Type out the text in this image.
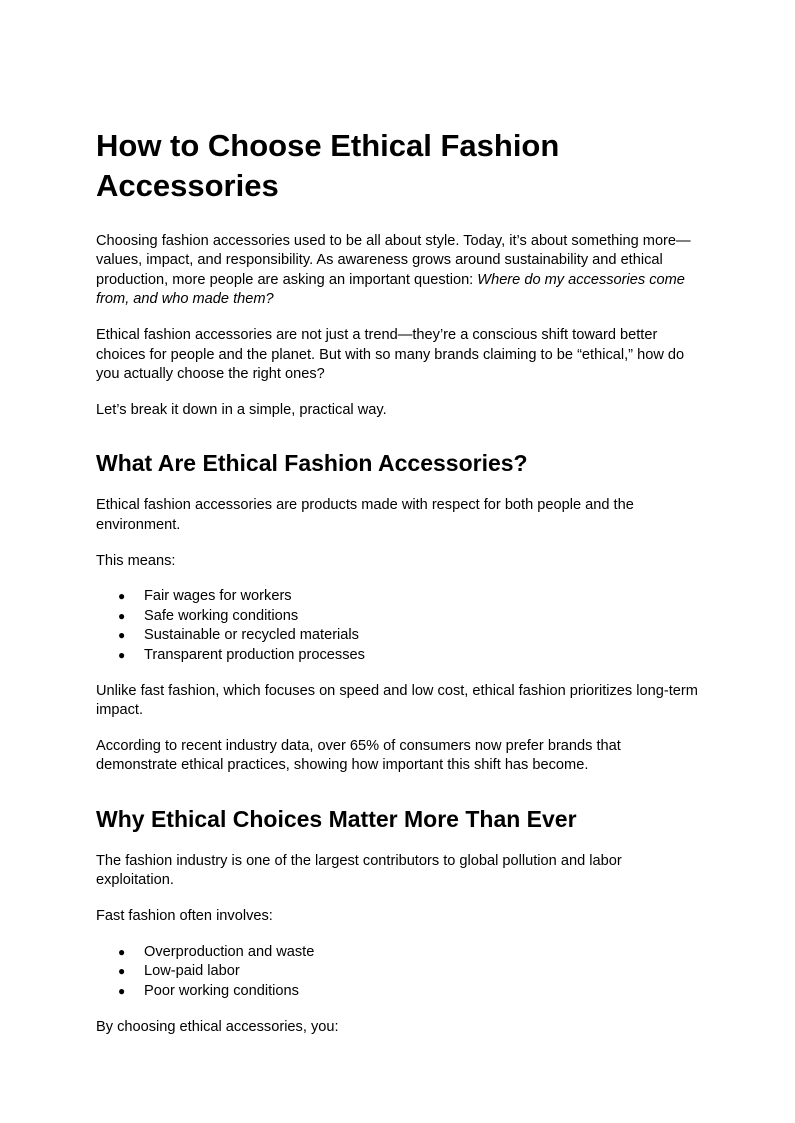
How to Choose Ethical Fashion Accessories

Choosing fashion accessories used to be all about style. Today, it’s about something more—values, impact, and responsibility. As awareness grows around sustainability and ethical production, more people are asking an important question: Where do my accessories come from, and who made them?

Ethical fashion accessories are not just a trend—they’re a conscious shift toward better choices for people and the planet. But with so many brands claiming to be “ethical,” how do you actually choose the right ones?

Let’s break it down in a simple, practical way.

What Are Ethical Fashion Accessories?

Ethical fashion accessories are products made with respect for both people and the environment.

This means:

● Fair wages for workers
● Safe working conditions
● Sustainable or recycled materials
● Transparent production processes

Unlike fast fashion, which focuses on speed and low cost, ethical fashion prioritizes long-term impact.

According to recent industry data, over 65% of consumers now prefer brands that demonstrate ethical practices, showing how important this shift has become.

Why Ethical Choices Matter More Than Ever

The fashion industry is one of the largest contributors to global pollution and labor exploitation.

Fast fashion often involves:

● Overproduction and waste
● Low-paid labor
● Poor working conditions

By choosing ethical accessories, you:
